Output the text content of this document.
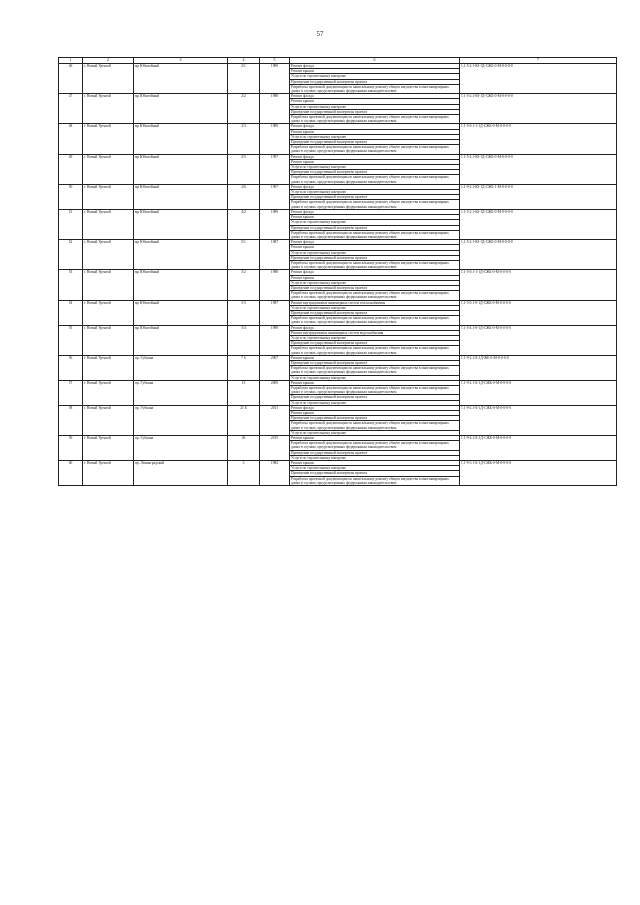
57
1	2	3	4	5	6	7
46	г. Новый Уренгой	мр Юбилейный	2/1	1989	Ремонт фасада	1.1-5-2.1-Ю-1Д-СЖБ-0-М-0-0-0-0
					Ремонт крыши	
					Услуги по строительному контролю	
					Проведение государственной экспертизы проекта	
					Разработка проектной документации по капитальному ремонту общего имущества в многоквартирных домах в случаях, предусмотренных федеральным законодательством	
47	г. Новый Уренгой	мр Юбилейный	2/2	1988	Ремонт фасада	1.1-5-2.1-Ю-1Д-СЖБ-0-М-0-0-0-0
					Ремонт крыши	
					Услуги по строительному контролю	
					Проведение государственной экспертизы проекта	
					Разработка проектной документации по капитальному ремонту общего имущества в многоквартирных домах в случаях, предусмотренных федеральным законодательством	
48	г. Новый Уренгой	мр Юбилейный	2/3	1989	Ремонт фасада	1.1-5-0.1-1-1Д-СЖБ-0-М-0-0-0-0
					Ремонт крыши	
					Услуги по строительному контролю	
					Проведение государственной экспертизы проекта	
					Разработка проектной документации по капитальному ремонту общего имущества в многоквартирных домах в случаях, предусмотренных федеральным законодательством	
49	г. Новый Уренгой	мр Юбилейный	2/5	1997	Ремонт фасада	1.1-5-2.1-Ю-1Д-СЖБ-0-М-0-0-0-0
					Ремонт крыши	
					Услуги по строительному контролю	
					Проведение государственной экспертизы проекта	
					Разработка проектной документации по капитальному ремонту общего имущества в многоквартирных домах в случаях, предусмотренных федеральным законодательством	
50	г. Новый Уренгой	мр Юбилейный	2/6	1997	Ремонт фасада	1.1-9-2.1-Ю-1Д-СЖБ-1-М-0-0-0-0
					Услуги по строительному контролю	
					Проведение государственной экспертизы проекта	
					Разработка проектной документации по капитальному ремонту общего имущества в многоквартирных домах в случаях, предусмотренных федеральным законодательством	
51	г. Новый Уренгой	мр Юбилейный	4/2	1989	Ремонт фасада	1.1-5-2.1-Ю-1Д-СЖБ-0-М-0-0-0-0
					Ремонт крыши	
					Услуги по строительному контролю	
					Проведение государственной экспертизы проекта	
					Разработка проектной документации по капитальному ремонту общего имущества в многоквартирных домах в случаях, предусмотренных федеральным законодательством	
52	г. Новый Уренгой	мр Юбилейный	5/1	1987	Ремонт фасада	1.1-5-2.1-Ю-1Д-СЖБ-0-М-0-0-0-0
					Ремонт крыши	
					Услуги по строительному контролю	
					Проведение государственной экспертизы проекта	
					Разработка проектной документации по капитальному ремонту общего имущества в многоквартирных домах в случаях, предусмотренных федеральным законодательством	
53	г. Новый Уренгой	мр Юбилейный	5/2	1988	Ремонт фасада	1.1-5-0.1-1-1Д-СЖБ-0-М-0-0-0-0
					Ремонт крыши	
					Услуги по строительному контролю	
					Проведение государственной экспертизы проекта	
					Разработка проектной документации по капитальному ремонту общего имущества в многоквартирных домах в случаях, предусмотренных федеральным законодательством	
54	г. Новый Уренгой	мр Юбилейный	5/3	1987	Ремонт внутридомовых инженерных систем теплоснабжения	1.1-5-0.1-0-1Д-СЖБ-0-М-0-0-0-0
					Услуги по строительному контролю	
					Проведение государственной экспертизы проекта	
					Разработка проектной документации по капитальному ремонту общего имущества в многоквартирных домах в случаях, предусмотренных федеральным законодательством	
55	г. Новый Уренгой	мр Юбилейный	5/4	1989	Ремонт фасада	1.1-5-4.1-0-1Д-СЖБ-0-М-0-0-0-0
					Ремонт внутридомовых инженерных систем водоснабжения	
					Услуги по строительному контролю	
					Проведение государственной экспертизы проекта	
					Разработка проектной документации по капитальному ремонту общего имущества в многоквартирных домах в случаях, предусмотренных федеральным законодательством	
56	г. Новый Уренгой	пр. Губкина	7 б	2007	Ремонт крыши	1.1-9-2.1-Б-1Д-ЖБ-0-М-0-0-0-0
					Проведение государственной экспертизы проекта	
					Разработка проектной документации по капитальному ремонту общего имущества в многоквартирных домах в случаях, предусмотренных федеральным законодательством	
					Услуги по строительному контролю	
57	г. Новый Уренгой	пр. Губкина	13	2009	Ремонт крыши	1.1-9-2.1-Б-1Д-СЖБ-0-М-0-0-0-0
					Разработка проектной документации по капитальному ремонту общего имущества в многоквартирных домах в случаях, предусмотренных федеральным законодательством	
					Проведение государственной экспертизы проекта	
					Услуги по строительному контролю	
58	г. Новый Уренгой	пр. Губкина	21 Б	2011	Ремонт фасада	1.1-9-2.1-Б-1Д-СЖБ-0-М-0-0-0-0
					Ремонт крыши	
					Проведение государственной экспертизы проекта	
					Разработка проектной документации по капитальному ремонту общего имущества в многоквартирных домах в случаях, предусмотренных федеральным законодательством	
					Услуги по строительному контролю	
59	г. Новый Уренгой	пр. Губкина	26	2015	Ремонт крыши	1.1-9-4.1-Б-1Д-СЖБ-0-М-0-0-0-0
					Разработка проектной документации по капитальному ремонту общего имущества в многоквартирных домах в случаях, предусмотренных федеральным законодательством	
					Проведение государственной экспертизы проекта	
					Услуги по строительному контролю	
60	г. Новый Уренгой	пр. Ленинградский	3	1982	Ремонт крыши	1.1-9-3.1-Б-1Д-СЖБ-0-М-0-0-0-0
					Услуги по строительному контролю	
					Проведение государственной экспертизы проекта	
					Разработка проектной документации по капитальному ремонту общего имущества в многоквартирных домах в случаях, предусмотренных федеральным законодательством	
